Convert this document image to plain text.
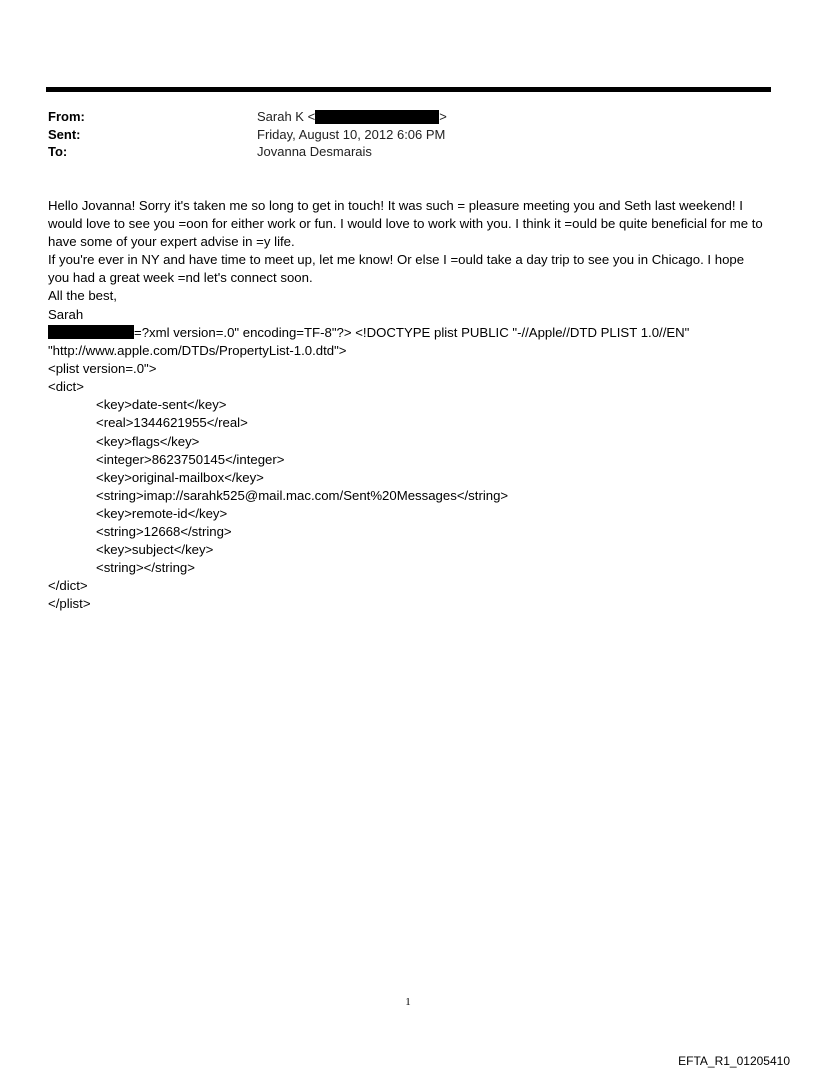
From:	Sarah K <	>
Sent:	Friday, August 10, 2012 6:06 PM
To:	Jovanna Desmarais

Hello Jovanna! Sorry it's taken me so long to get in touch! It was such = pleasure meeting you and Seth last weekend! I would love to see you =oon for either work or fun. I would love to work with you. I think it =ould be quite beneficial for me to have some of your expert advise in =y life.

If you're ever in NY and have time to meet up, let me know! Or else I =ould take a day trip to see you in Chicago. I hope you had a great week =nd let's connect soon.

All the best,

Sarah

=?xml version=.0" encoding=TF-8"?> <!DOCTYPE plist PUBLIC "-//Apple//DTD PLIST 1.0//EN"
"http://www.apple.com/DTDs/PropertyList-1.0.dtd">
<plist version=.0">
<dict>
<key>date-sent</key>
<real>1344621955</real>
<key>flags</key>
<integer>8623750145</integer>
<key>original-mailbox</key>
<string>imap://sarahk525@mail.mac.com/Sent%20Messages</string>
<key>remote-id</key>
<string>12668</string>
<key>subject</key>
<string></string>
</dict>
</plist>
1
EFTA_R1_01205410
